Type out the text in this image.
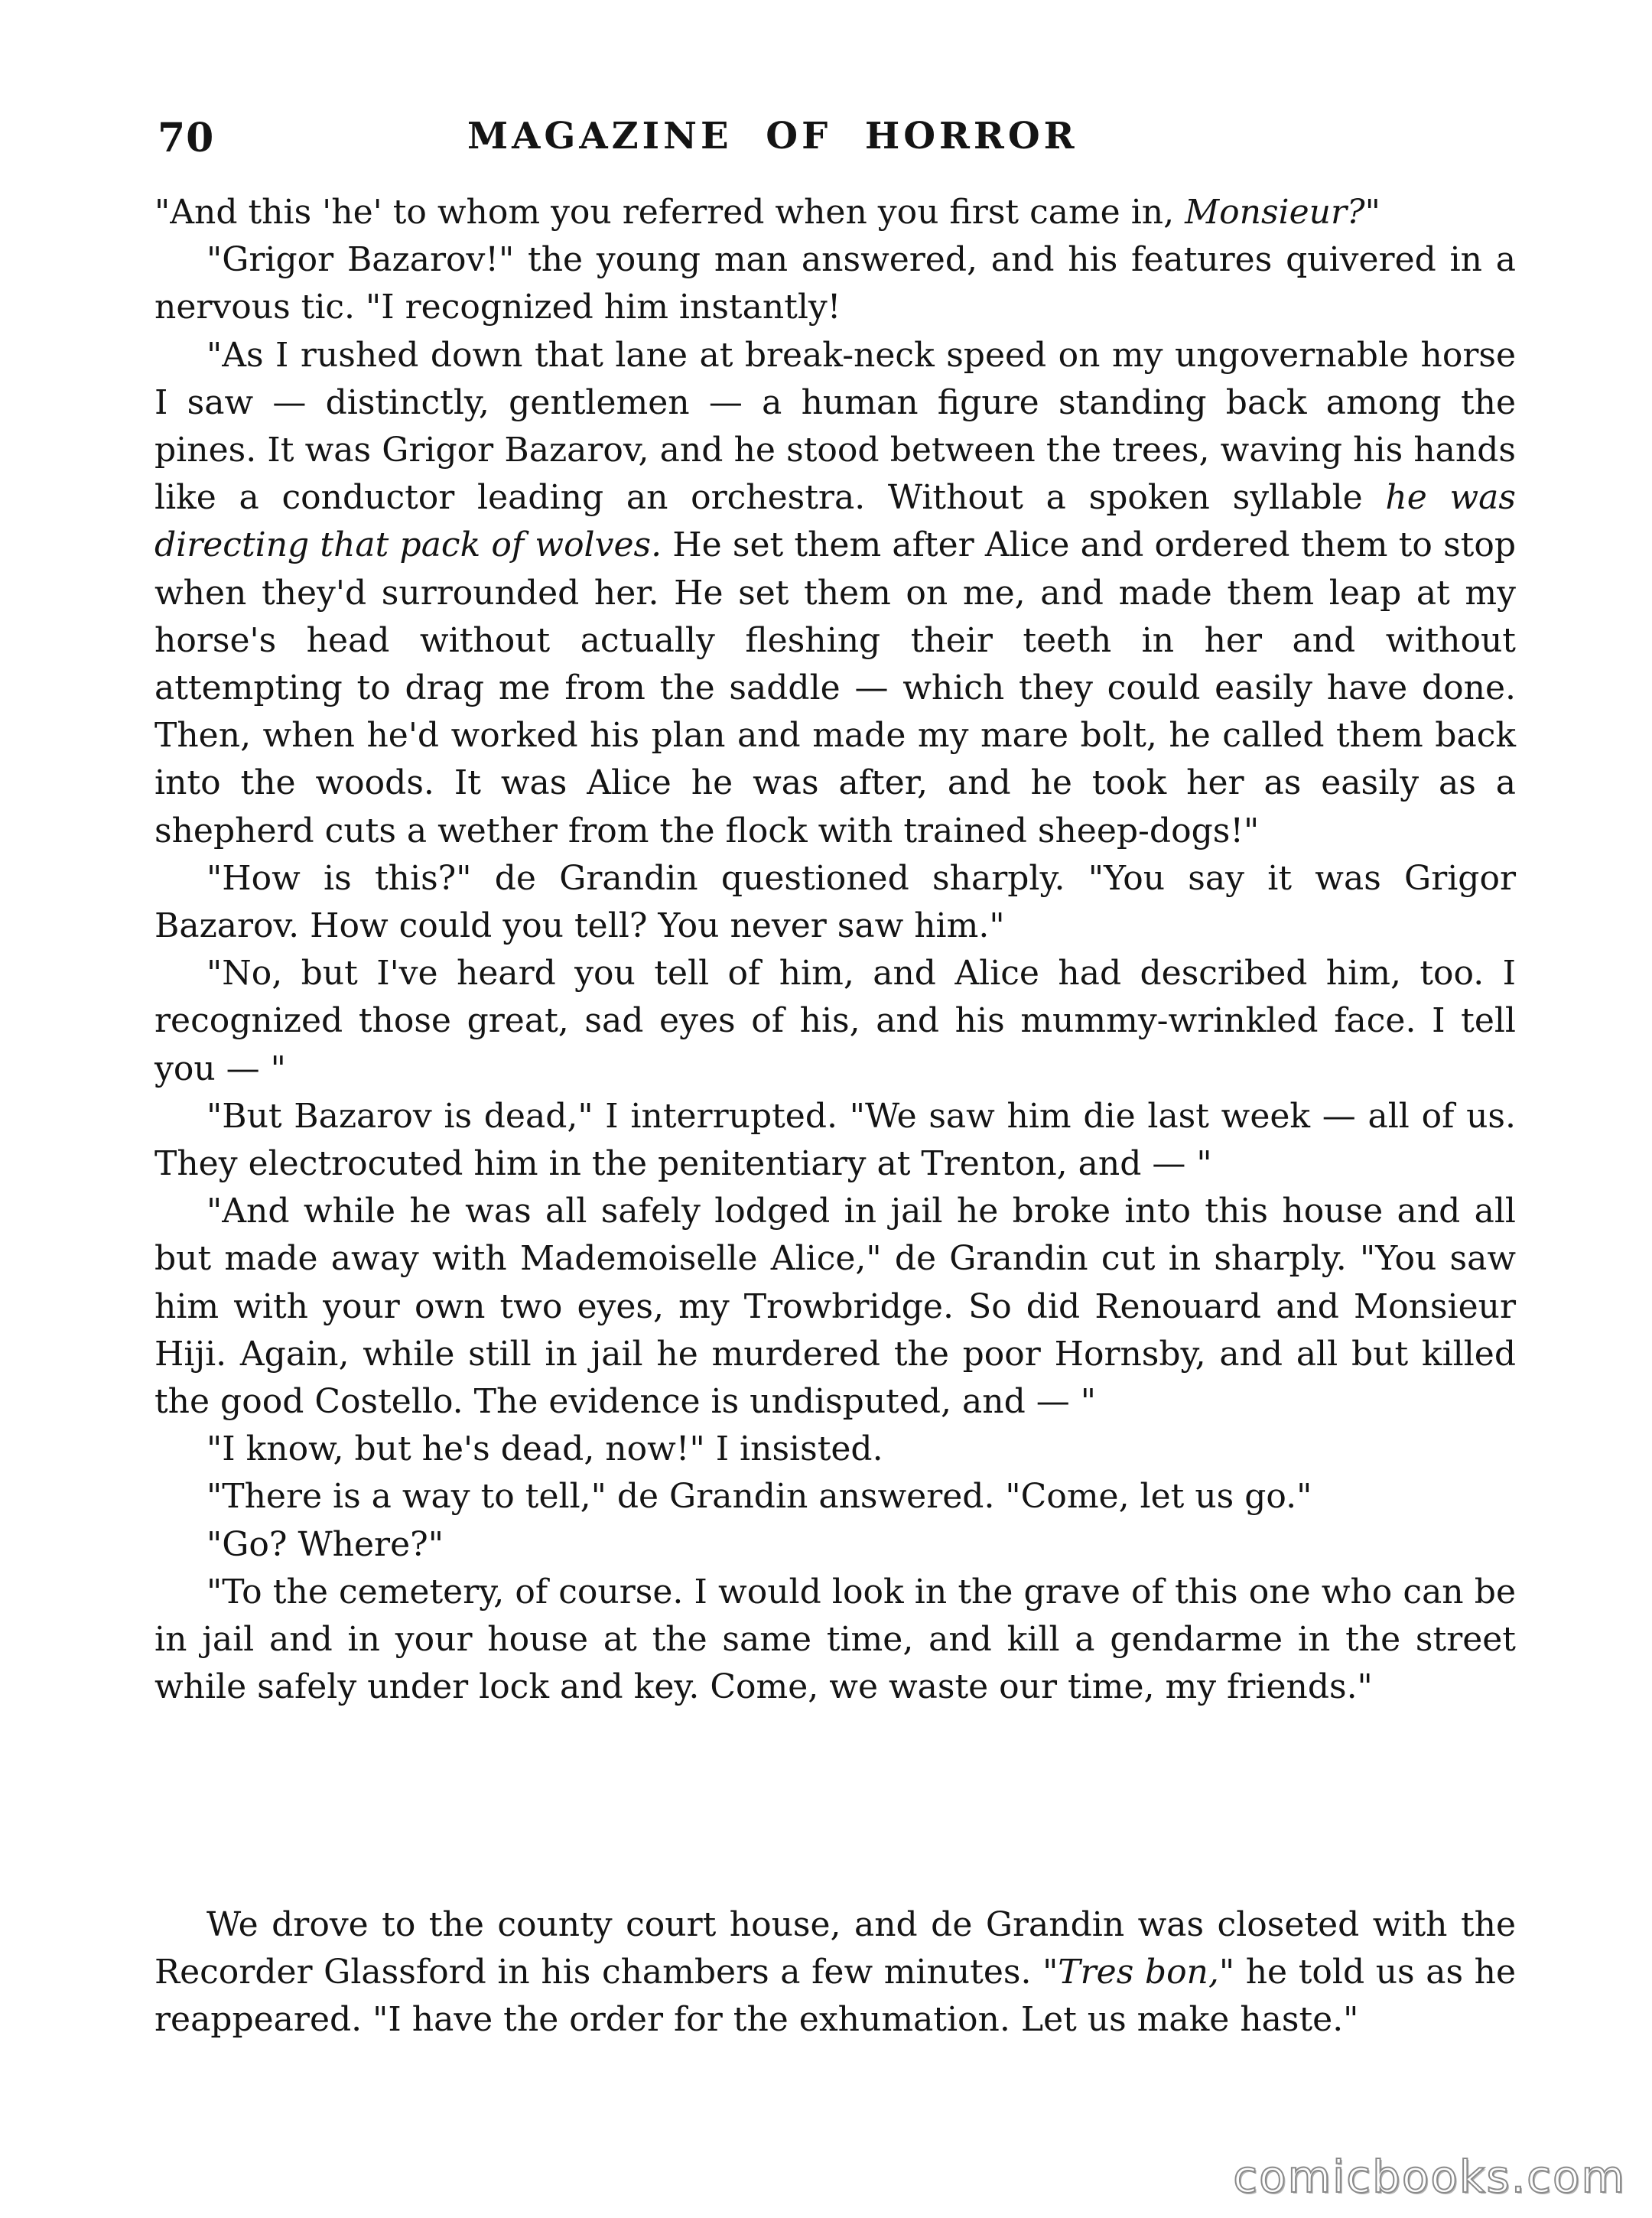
70	MAGAZINE OF HORROR

"And this 'he' to whom you referred when you first came in, Monsieur?"

"Grigor Bazarov!" the young man answered, and his features quivered in a nervous tic. "I recognized him instantly!

"As I rushed down that lane at break-neck speed on my ungovernable horse I saw — distinctly, gentlemen — a human figure standing back among the pines. It was Grigor Bazarov, and he stood between the trees, waving his hands like a conductor leading an orchestra. Without a spoken syllable he was directing that pack of wolves. He set them after Alice and ordered them to stop when they'd surrounded her. He set them on me, and made them leap at my horse's head without actually fleshing their teeth in her and without attempting to drag me from the saddle — which they could easily have done. Then, when he'd worked his plan and made my mare bolt, he called them back into the woods. It was Alice he was after, and he took her as easily as a shepherd cuts a wether from the flock with trained sheep-dogs!"

"How is this?" de Grandin questioned sharply. "You say it was Grigor Bazarov. How could you tell? You never saw him."

"No, but I've heard you tell of him, and Alice had described him, too. I recognized those great, sad eyes of his, and his mummy-wrinkled face. I tell you — "

"But Bazarov is dead," I interrupted. "We saw him die last week — all of us. They electrocuted him in the penitentiary at Trenton, and — "

"And while he was all safely lodged in jail he broke into this house and all but made away with Mademoiselle Alice," de Grandin cut in sharply. "You saw him with your own two eyes, my Trowbridge. So did Renouard and Monsieur Hiji. Again, while still in jail he murdered the poor Hornsby, and all but killed the good Costello. The evidence is undisputed, and — "

"I know, but he's dead, now!" I insisted.

"There is a way to tell," de Grandin answered. "Come, let us go."

"Go? Where?"

"To the cemetery, of course. I would look in the grave of this one who can be in jail and in your house at the same time, and kill a gendarme in the street while safely under lock and key. Come, we waste our time, my friends."

We drove to the county court house, and de Grandin was closeted with the Recorder Glassford in his chambers a few minutes. "Tres bon," he told us as he reappeared. "I have the order for the exhumation. Let us make haste."

comicbooks.com
